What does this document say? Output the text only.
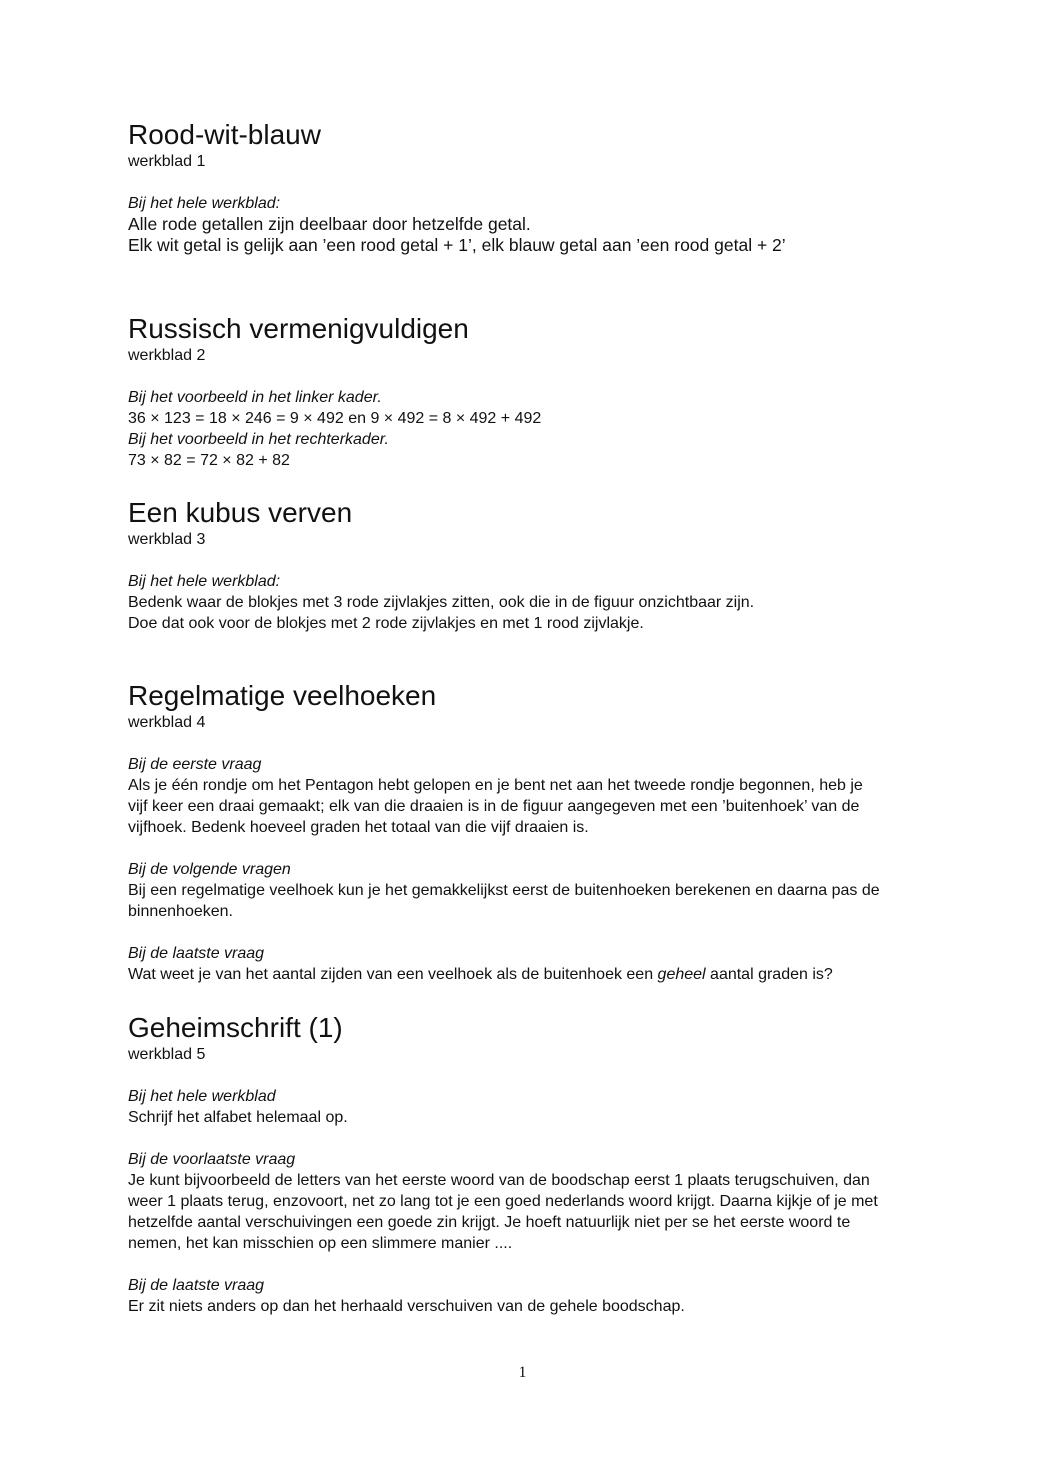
Rood-wit-blauw

werkblad 1

Bij het hele werkblad:

Alle rode getallen zijn deelbaar door hetzelfde getal.

Elk wit getal is gelijk aan ’een rood getal + 1’, elk blauw getal aan ’een rood getal + 2’

Russisch vermenigvuldigen

werkblad 2

Bij het voorbeeld in het linker kader.

36 × 123 = 18 × 246 = 9 × 492 en 9 × 492 = 8 × 492 + 492

Bij het voorbeeld in het rechterkader.

73 × 82 = 72 × 82 + 82

Een kubus verven

werkblad 3

Bij het hele werkblad:

Bedenk waar de blokjes met 3 rode zijvlakjes zitten, ook die in de figuur onzichtbaar zijn.

Doe dat ook voor de blokjes met 2 rode zijvlakjes en met 1 rood zijvlakje.

Regelmatige veelhoeken

werkblad 4

Bij de eerste vraag

Als je één rondje om het Pentagon hebt gelopen en je bent net aan het tweede rondje begonnen, heb je

vijf keer een draai gemaakt; elk van die draaien is in de figuur aangegeven met een ’buitenhoek’ van de

vijfhoek. Bedenk hoeveel graden het totaal van die vijf draaien is.

Bij de volgende vragen

Bij een regelmatige veelhoek kun je het gemakkelijkst eerst de buitenhoeken berekenen en daarna pas de

binnenhoeken.

Bij de laatste vraag

Wat weet je van het aantal zijden van een veelhoek als de buitenhoek een geheel aantal graden is?

Geheimschrift (1)

werkblad 5

Bij het hele werkblad

Schrijf het alfabet helemaal op.

Bij de voorlaatste vraag

Je kunt bijvoorbeeld de letters van het eerste woord van de boodschap eerst 1 plaats terugschuiven, dan

weer 1 plaats terug, enzovoort, net zo lang tot je een goed nederlands woord krijgt. Daarna kijkje of je met

hetzelfde aantal verschuivingen een goede zin krijgt. Je hoeft natuurlijk niet per se het eerste woord te

nemen, het kan misschien op een slimmere manier ....

Bij de laatste vraag

Er zit niets anders op dan het herhaald verschuiven van de gehele boodschap.

1
